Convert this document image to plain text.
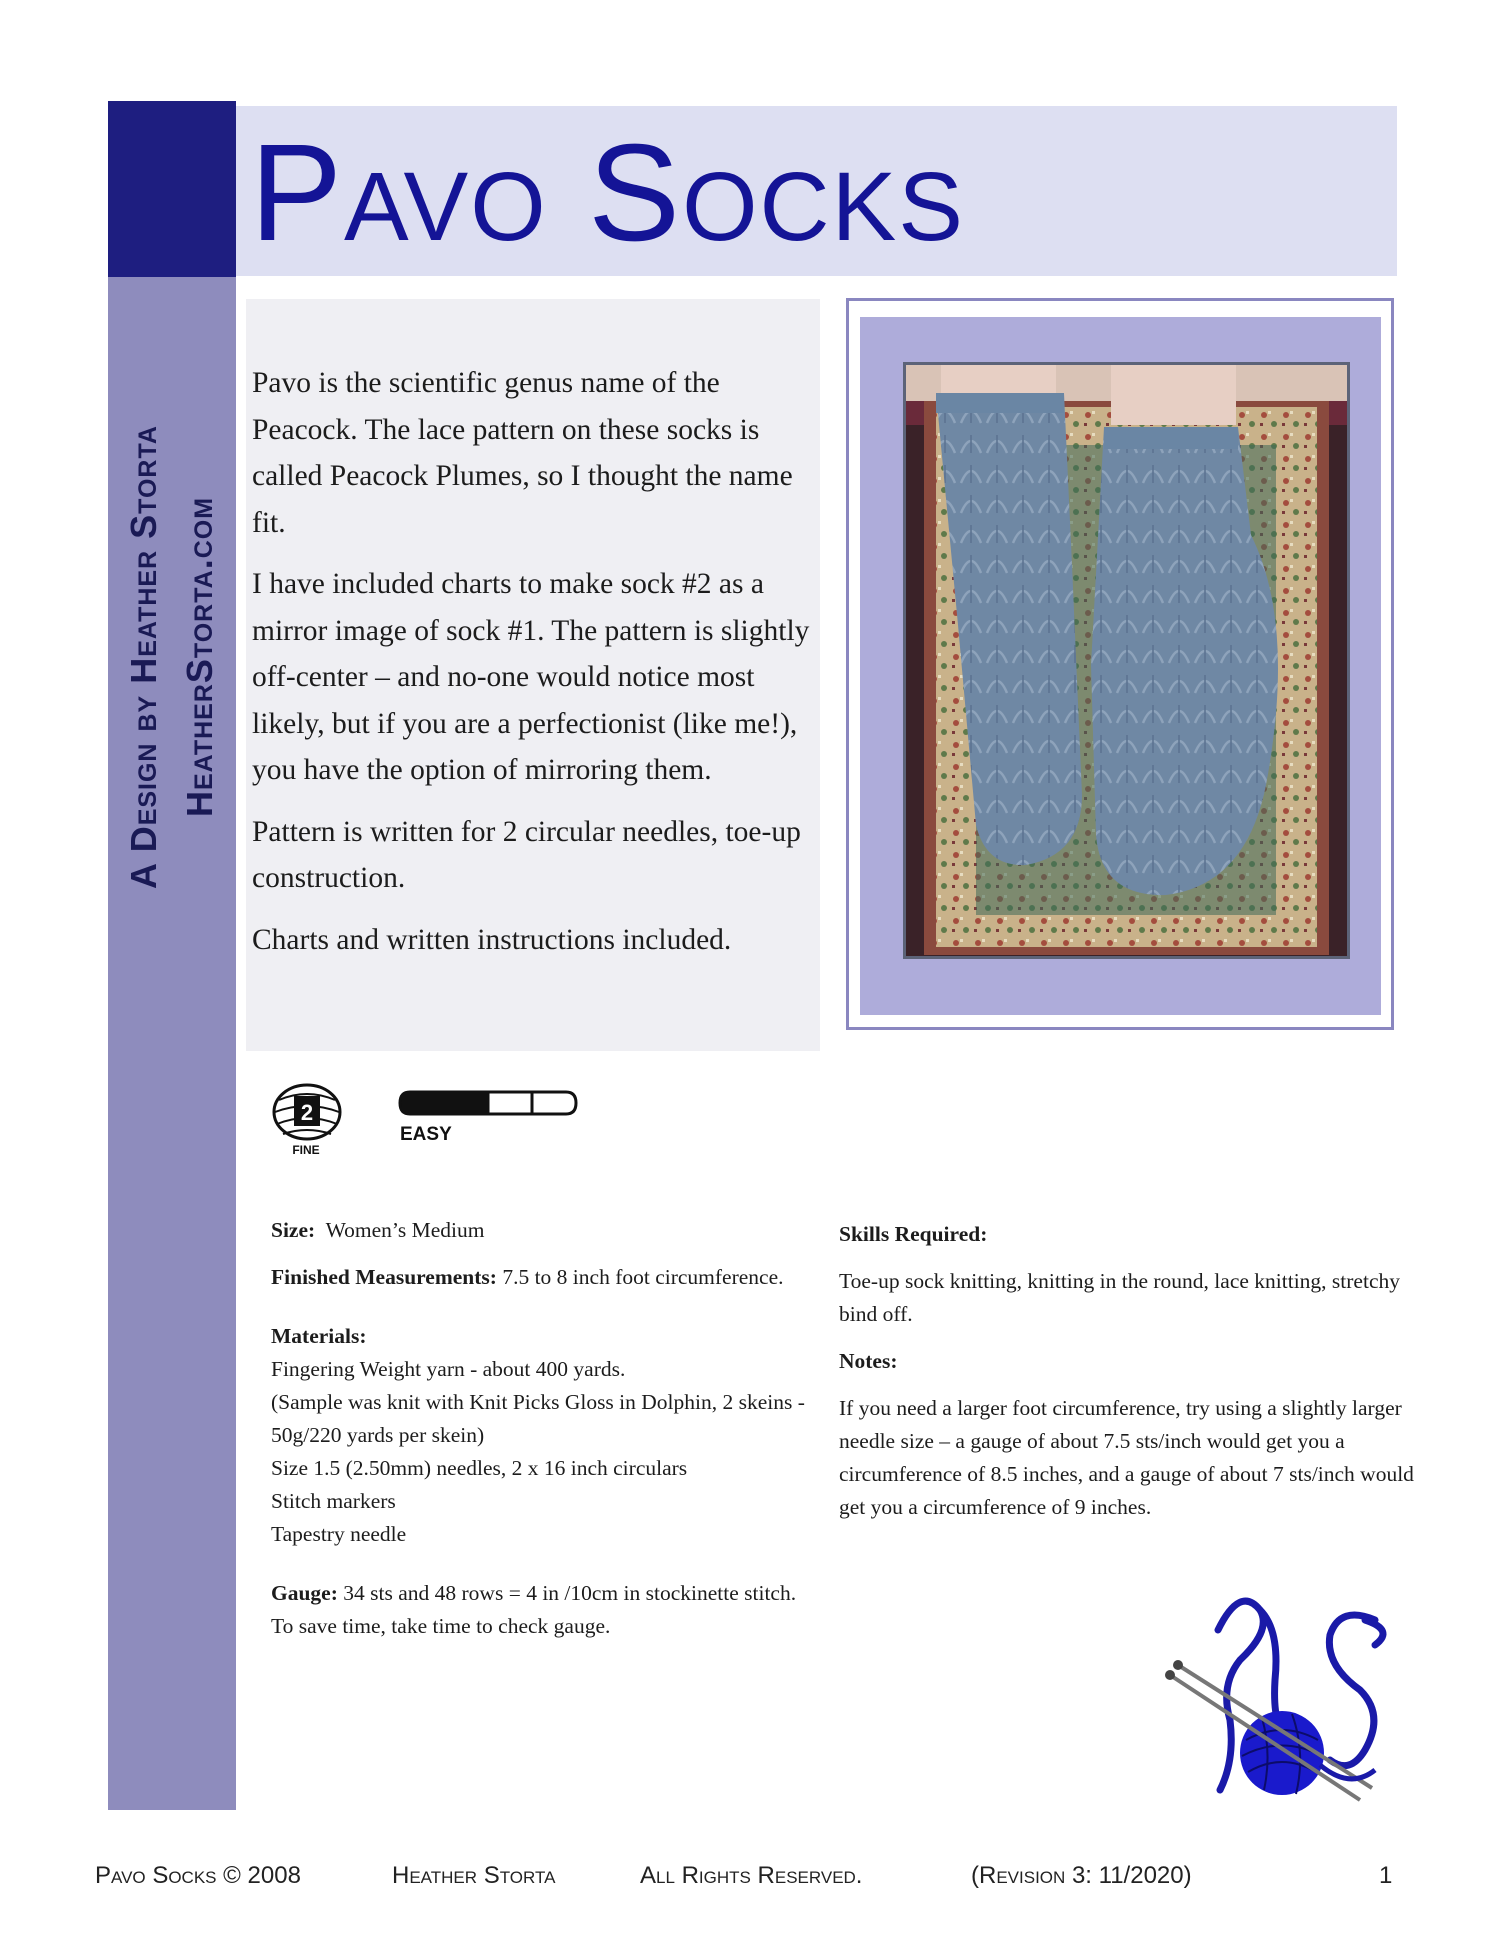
A Design by Heather Storta HeatherStorta.com
Pavo Socks

Pavo is the scientific genus name of the Peacock. The lace pattern on these socks is called Peacock Plumes, so I thought the name fit.

I have included charts to make sock #2 as a mirror image of sock #1. The pattern is slightly off-center – and no-one would notice most likely, but if you are a perfectionist (like me!), you have the option of mirroring them.

Pattern is written for 2 circular needles, toe-up construction.

Charts and written instructions included.

2
FINE
EASY

Size: Women’s Medium

Finished Measurements: 7.5 to 8 inch foot circumference.

Materials:
Fingering Weight yarn - about 400 yards.
(Sample was knit with Knit Picks Gloss in Dolphin, 2 skeins - 50g/220 yards per skein)
Size 1.5 (2.50mm) needles, 2 x 16 inch circulars
Stitch markers
Tapestry needle

Gauge: 34 sts and 48 rows = 4 in /10cm in stockinette stitch. To save time, take time to check gauge.

Skills Required:

Toe-up sock knitting, knitting in the round, lace knitting, stretchy bind off.

Notes:

If you need a larger foot circumference, try using a slightly larger needle size – a gauge of about 7.5 sts/inch would get you a circumference of 8.5 inches, and a gauge of about 7 sts/inch would get you a circumference of 9 inches.

Pavo Socks © 2008	Heather Storta	All Rights Reserved.	(Revision 3: 11/2020)	1
